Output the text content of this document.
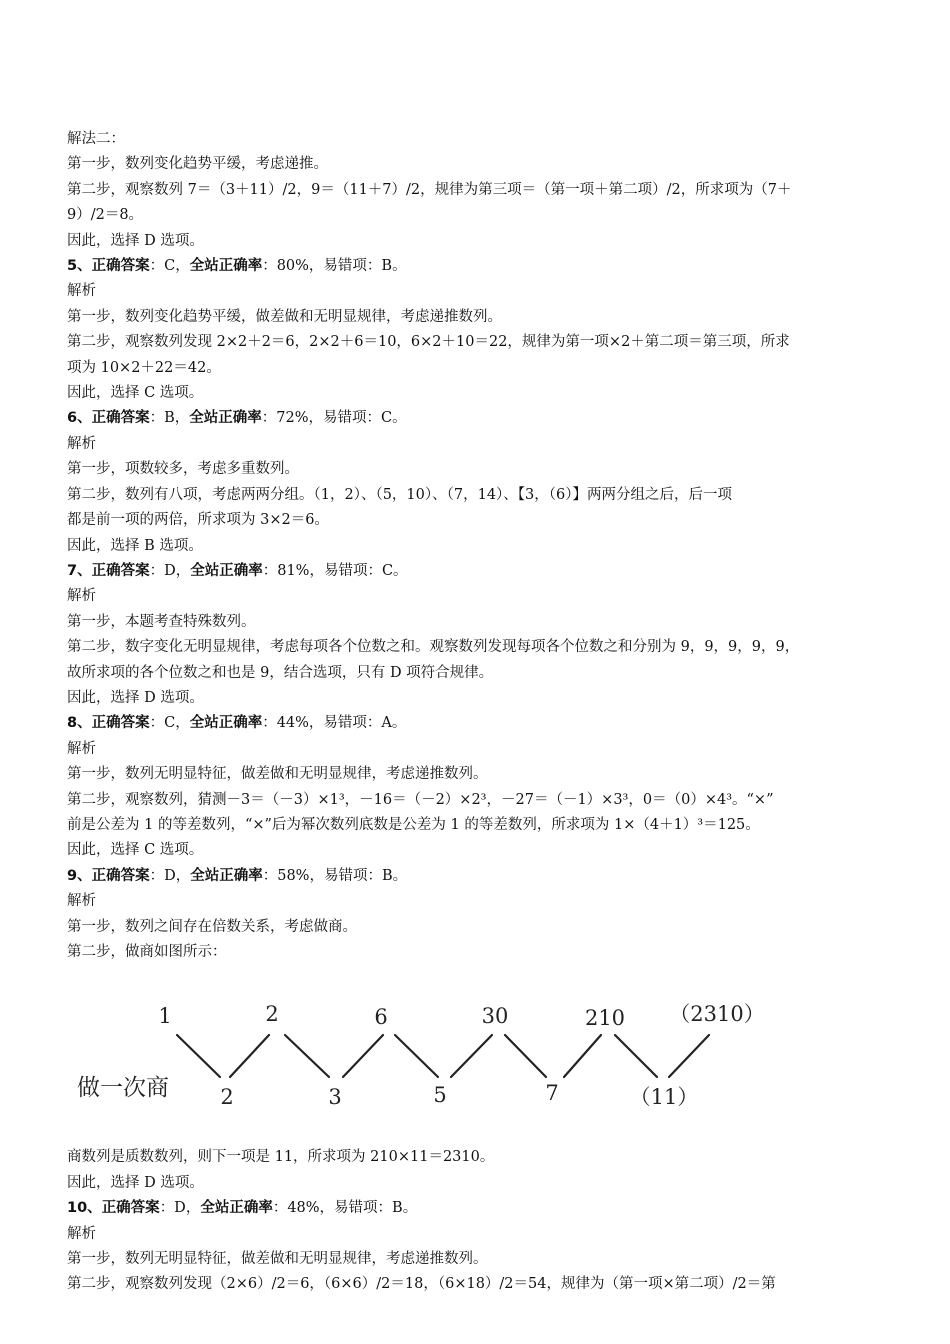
解法二：
第一步，数列变化趋势平缓，考虑递推。
第二步，观察数列 7＝（3＋11）/2，9＝（11＋7）/2，规律为第三项＝（第一项＋第二项）/2，所求项为（7＋
9）/2＝8。
因此，选择 D 选项。
5、正确答案：C，全站正确率：80%，易错项：B。
解析
第一步，数列变化趋势平缓，做差做和无明显规律，考虑递推数列。
第二步，观察数列发现 2×2＋2＝6，2×2＋6＝10，6×2＋10＝22，规律为第一项×2＋第二项＝第三项，所求
项为 10×2＋22＝42。
因此，选择 C 选项。
6、正确答案：B，全站正确率：72%，易错项：C。
解析
第一步，项数较多，考虑多重数列。
第二步，数列有八项，考虑两两分组。（1，2）、（5，10）、（7，14）、【3，（6）】两两分组之后，后一项
都是前一项的两倍，所求项为 3×2＝6。
因此，选择 B 选项。
7、正确答案：D，全站正确率：81%，易错项：C。
解析
第一步，本题考查特殊数列。
第二步，数字变化无明显规律，考虑每项各个位数之和。观察数列发现每项各个位数之和分别为 9，9，9，9，9，
故所求项的各个位数之和也是 9，结合选项，只有 D 项符合规律。
因此，选择 D 选项。
8、正确答案：C，全站正确率：44%，易错项：A。
解析
第一步，数列无明显特征，做差做和无明显规律，考虑递推数列。
第二步，观察数列，猜测－3＝（－3）×1³，－16＝（－2）×2³，－27＝（－1）×3³，0＝（0）×4³。“×”
前是公差为 1 的等差数列，“×”后为幂次数列底数是公差为 1 的等差数列，所求项为 1×（4＋1）³＝125。
因此，选择 C 选项。
9、正确答案：D，全站正确率：58%，易错项：B。
解析
第一步，数列之间存在倍数关系，考虑做商。
第二步，做商如图所示：
1	2	6	30	210 （2310）
做一次商 2	3	5	7	（11）
商数列是质数数列，则下一项是 11，所求项为 210×11＝2310。
因此，选择 D 选项。
10、正确答案：D，全站正确率：48%，易错项：B。
解析
第一步，数列无明显特征，做差做和无明显规律，考虑递推数列。
第二步，观察数列发现（2×6）/2＝6，（6×6）/2＝18，（6×18）/2＝54，规律为（第一项×第二项）/2＝第
